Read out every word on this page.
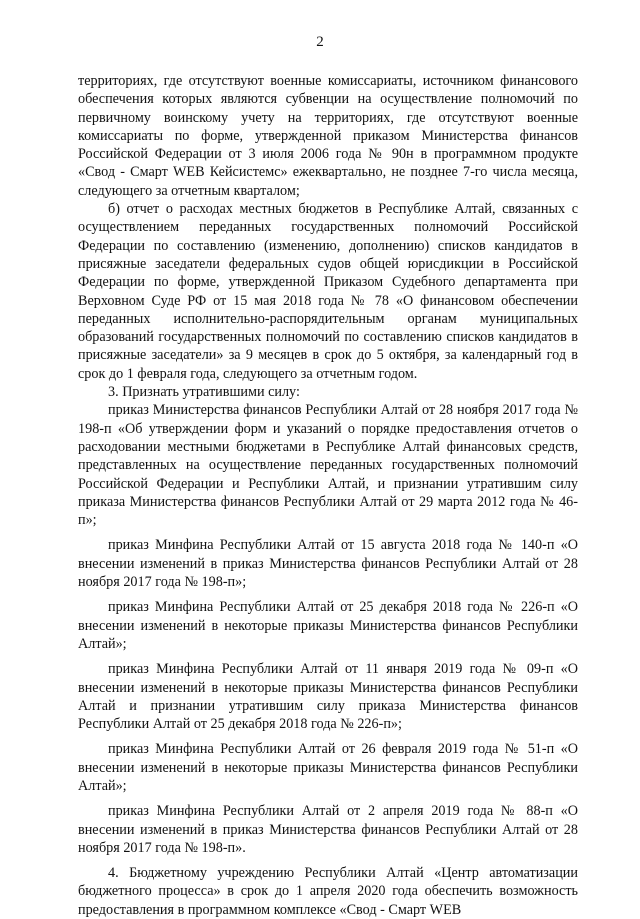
2

территориях, где отсутствуют военные комиссариаты, источником финансового обеспечения которых являются субвенции на осуществление полномочий по первичному воинскому учету на территориях, где отсутствуют военные комиссариаты по форме, утвержденной приказом Министерства финансов Российской Федерации от 3 июля 2006 года № 90н в программном продукте «Свод - Смарт WEB Кейсистемс» ежеквартально, не позднее 7-го числа месяца, следующего за отчетным кварталом;

б) отчет о расходах местных бюджетов в Республике Алтай, связанных с осуществлением переданных государственных полномочий Российской Федерации по составлению (изменению, дополнению) списков кандидатов в присяжные заседатели федеральных судов общей юрисдикции в Российской Федерации по форме, утвержденной Приказом Судебного департамента при Верховном Суде РФ от 15 мая 2018 года № 78 «О финансовом обеспечении переданных исполнительно-распорядительным органам муниципальных образований государственных полномочий по составлению списков кандидатов в присяжные заседатели» за 9 месяцев в срок до 5 октября, за календарный год в срок до 1 февраля года, следующего за отчетным годом.

3. Признать утратившими силу:

приказ Министерства финансов Республики Алтай от 28 ноября 2017 года № 198-п «Об утверждении форм и указаний о порядке предоставления отчетов о расходовании местными бюджетами в Республике Алтай финансовых средств, представленных на осуществление переданных государственных полномочий Российской Федерации и Республики Алтай, и признании утратившим силу приказа Министерства финансов Республики Алтай от 29 марта 2012 года № 46-п»;

приказ Минфина Республики Алтай от 15 августа 2018 года № 140-п «О внесении изменений в приказ Министерства финансов Республики Алтай от 28 ноября 2017 года № 198-п»;

приказ Минфина Республики Алтай от 25 декабря 2018 года № 226-п «О внесении изменений в некоторые приказы Министерства финансов Республики Алтай»;

приказ Минфина Республики Алтай от 11 января 2019 года № 09-п «О внесении изменений в некоторые приказы Министерства финансов Республики Алтай и признании утратившим силу приказа Министерства финансов Республики Алтай от 25 декабря 2018 года № 226-п»;

приказ Минфина Республики Алтай от 26 февраля 2019 года № 51-п «О внесении изменений в некоторые приказы Министерства финансов Республики Алтай»;

приказ Минфина Республики Алтай от 2 апреля 2019 года № 88-п «О внесении изменений в приказ Министерства финансов Республики Алтай от 28 ноября 2017 года № 198-п».

4. Бюджетному учреждению Республики Алтай «Центр автоматизации бюджетного процесса» в срок до 1 апреля 2020 года обеспечить возможность предоставления в программном комплексе «Свод - Смарт WEB
